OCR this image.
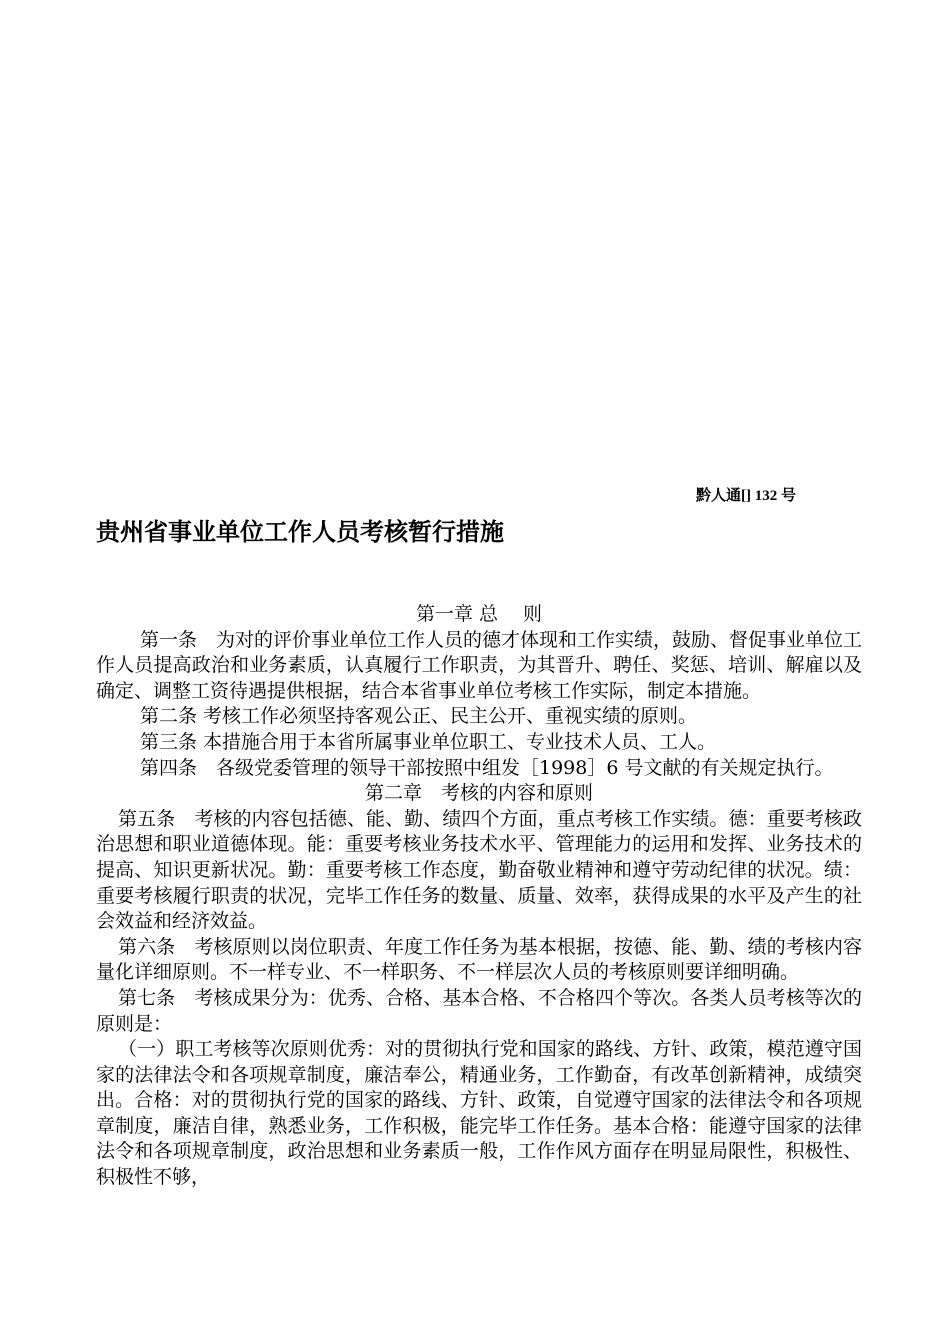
黔人通[] 132 号
贵州省事业单位工作人员考核暂行措施

第一章 总　 则

第一条　为对的评价事业单位工作人员的德才体现和工作实绩，鼓励、督促事业单位工作人员提高政治和业务素质，认真履行工作职责，为其晋升、聘任、奖惩、培训、解雇以及确定、调整工资待遇提供根据，结合本省事业单位考核工作实际，制定本措施。

第二条 考核工作必须坚持客观公正、民主公开、重视实绩的原则。

第三条 本措施合用于本省所属事业单位职工、专业技术人员、工人。

第四条　各级党委管理的领导干部按照中组发［1998］6 号文献的有关规定执行。

第二章　考核的内容和原则

第五条　考核的内容包括德、能、勤、绩四个方面，重点考核工作实绩。德：重要考核政治思想和职业道德体现。能：重要考核业务技术水平、管理能力的运用和发挥、业务技术的提高、知识更新状况。勤：重要考核工作态度，勤奋敬业精神和遵守劳动纪律的状况。绩：重要考核履行职责的状况，完毕工作任务的数量、质量、效率，获得成果的水平及产生的社会效益和经济效益。

第六条　考核原则以岗位职责、年度工作任务为基本根据，按德、能、勤、绩的考核内容量化详细原则。不一样专业、不一样职务、不一样层次人员的考核原则要详细明确。

第七条　考核成果分为：优秀、合格、基本合格、不合格四个等次。各类人员考核等次的原则是：

（一）职工考核等次原则优秀：对的贯彻执行党和国家的路线、方针、政策，模范遵守国家的法律法令和各项规章制度，廉洁奉公，精通业务，工作勤奋，有改革创新精神，成绩突出。合格：对的贯彻执行党的国家的路线、方针、政策，自觉遵守国家的法律法令和各项规章制度，廉洁自律，熟悉业务，工作积极，能完毕工作任务。基本合格：能遵守国家的法律法令和各项规章制度，政治思想和业务素质一般，工作作风方面存在明显局限性，积极性、积极性不够，
